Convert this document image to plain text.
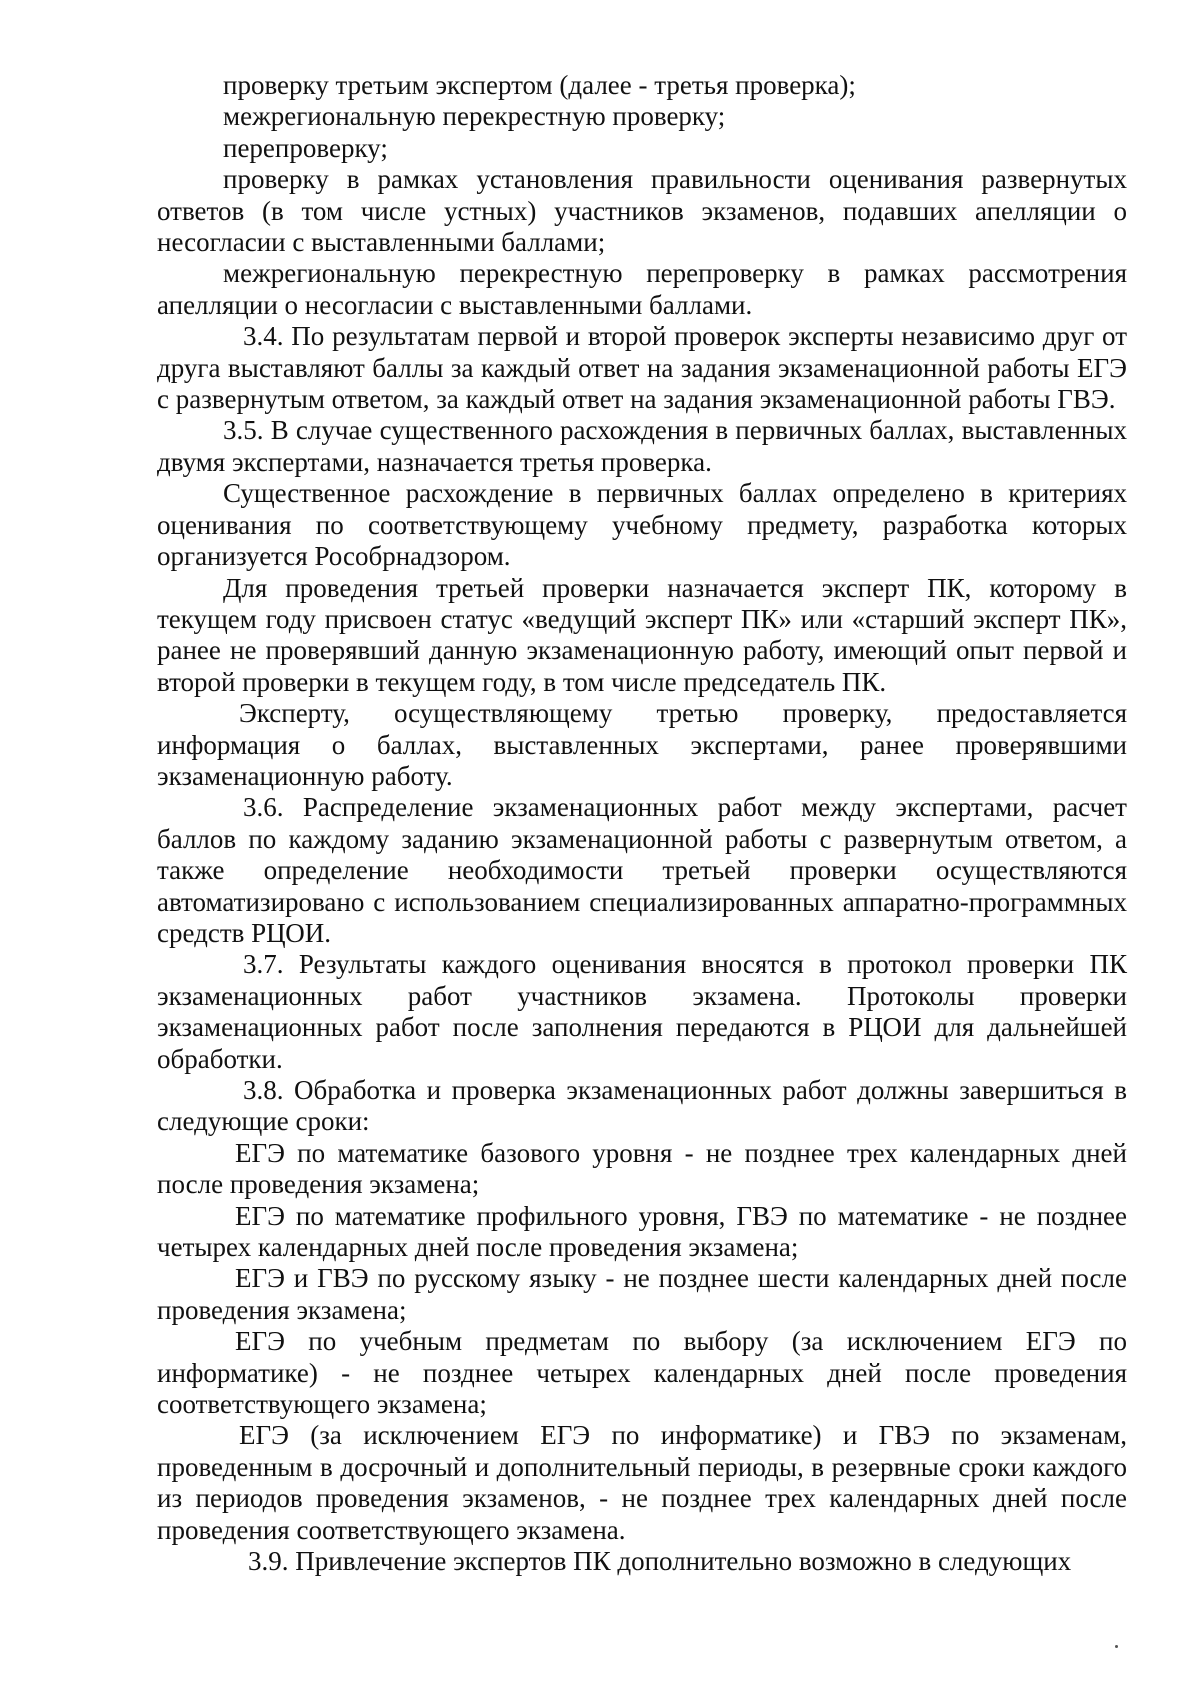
проверку третьим экспертом (далее - третья проверка);

межрегиональную перекрестную проверку;

перепроверку;

проверку в рамках установления правильности оценивания развернутых ответов (в том числе устных) участников экзаменов, подавших апелляции о несогласии с выставленными баллами;

межрегиональную перекрестную перепроверку в рамках рассмотрения апелляции о несогласии с выставленными баллами.

3.4. По результатам первой и второй проверок эксперты независимо друг от друга выставляют баллы за каждый ответ на задания экзаменационной работы ЕГЭ с развернутым ответом, за каждый ответ на задания экзаменационной работы ГВЭ.

3.5. В случае существенного расхождения в первичных баллах, выставленных двумя экспертами, назначается третья проверка.

Существенное расхождение в первичных баллах определено в критериях оценивания по соответствующему учебному предмету, разработка которых организуется Рособрнадзором.

Для проведения третьей проверки назначается эксперт ПК, которому в текущем году присвоен статус «ведущий эксперт ПК» или «старший эксперт ПК», ранее не проверявший данную экзаменационную работу, имеющий опыт первой и второй проверки в текущем году, в том числе председатель ПК.

Эксперту, осуществляющему третью проверку, предоставляется информация о баллах, выставленных экспертами, ранее проверявшими экзаменационную работу.

3.6. Распределение экзаменационных работ между экспертами, расчет баллов по каждому заданию экзаменационной работы с развернутым ответом, а также определение необходимости третьей проверки осуществляются автоматизировано с использованием специализированных аппаратно-программных средств РЦОИ.

3.7. Результаты каждого оценивания вносятся в протокол проверки ПК экзаменационных работ участников экзамена. Протоколы проверки экзаменационных работ после заполнения передаются в РЦОИ для дальнейшей обработки.

3.8. Обработка и проверка экзаменационных работ должны завершиться в следующие сроки:

ЕГЭ по математике базового уровня - не позднее трех календарных дней после проведения экзамена;

ЕГЭ по математике профильного уровня, ГВЭ по математике - не позднее четырех календарных дней после проведения экзамена;

ЕГЭ и ГВЭ по русскому языку - не позднее шести календарных дней после проведения экзамена;

ЕГЭ по учебным предметам по выбору (за исключением ЕГЭ по информатике) - не позднее четырех календарных дней после проведения соответствующего экзамена;

ЕГЭ (за исключением ЕГЭ по информатике) и ГВЭ по экзаменам, проведенным в досрочный и дополнительный периоды, в резервные сроки каждого из периодов проведения экзаменов, - не позднее трех календарных дней после проведения соответствующего экзамена.

3.9. Привлечение экспертов ПК дополнительно возможно в следующих
